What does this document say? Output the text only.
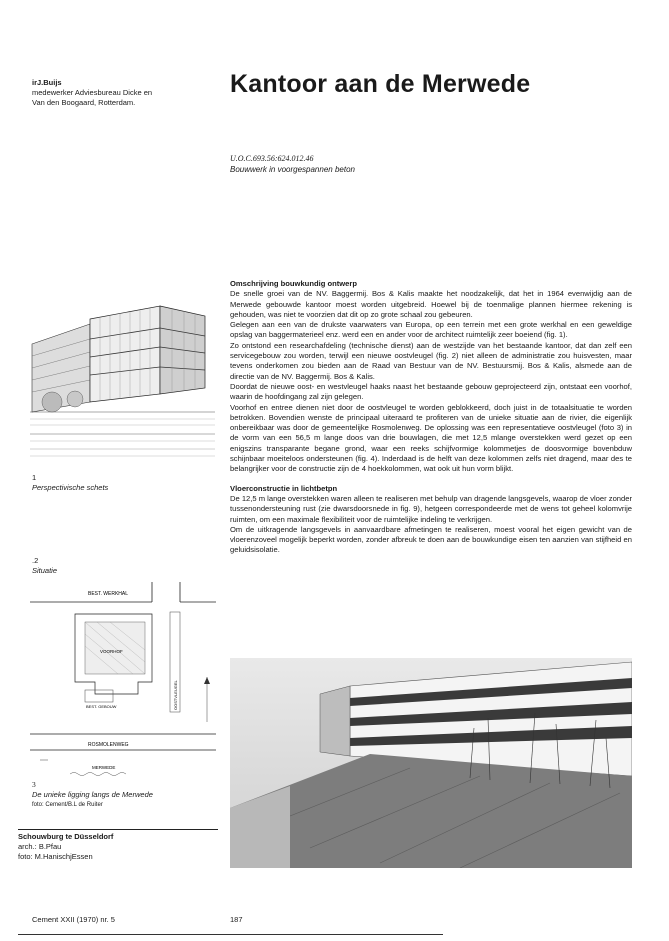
irJ.Buijs
medewerker Adviesbureau Dicke en
Van den Boogaard, Rotterdam.
Kantoor aan de Merwede
U.O.C.693.56:624.012.46
Bouwwerk in voorgespannen beton
1
Perspectivische schets
.2
Situatie
BEST. WERKHAL
VOORHOF
OOSTVLEUGEL
BEST. GEBOUW
ROSMOLENWEG
MERWEDE
3
De unieke ligging langs de Merwede
foto: Cement/B.L de Ruiter
Omschrijving bouwkundig ontwerp

De snelle groei van de NV. Baggermij. Bos & Kalis maakte het noodzakelijk, dat het in 1964 evenwijdig aan de Merwede gebouwde kantoor moest worden uitgebreid. Hoewel bij de toenmalige plannen hiermee rekening is gehouden, was niet te voorzien dat dit op zo grote schaal zou gebeuren.

Gelegen aan een van de drukste vaarwaters van Europa, op een terrein met een grote werkhal en een geweldige opslag van baggermaterieel enz. werd een en ander voor de architect ruimtelijk zeer boeiend (fig. 1).

Zo ontstond een researchafdeling (technische dienst) aan de westzijde van het bestaande kantoor, dat dan zelf een servicegebouw zou worden, terwijl een nieuwe oostvleugel (fig. 2) niet alleen de administratie zou huisvesten, maar tevens onderkomen zou bieden aan de Raad van Bestuur van de NV. Bestuursmij. Bos & Kalis, alsmede aan de directie van de NV. Baggermij. Bos & Kalis.

Doordat de nieuwe oost- en westvleugel haaks naast het bestaande gebouw geprojecteerd zijn, ontstaat een voorhof, waarin de hoofdingang zal zijn gelegen.

Voorhof en entree dienen niet door de oostvleugel te worden geblokkeerd, doch juist in de totaalsituatie te worden betrokken. Bovendien wenste de principaal uiteraard te profiteren van de unieke situatie aan de rivier, die eigenlijk onbereikbaar was door de gemeentelijke Rosmolenweg. De oplossing was een representatieve oostvleugel (foto 3) in de vorm van een 56,5 m lange doos van drie bouwlagen, die met 12,5 mlange overstekken werd gezet op een enigszins transparante begane grond, waar een reeks schijfvormige kolommetjes de doosvormige bovenbduw schijnbaar moeiteloos ondersteunen (fig. 4). Inderdaad is de helft van deze kolommen zelfs niet dragend, maar des te belangrijker voor de constructie zijn de 4 hoekkolommen, wat ook uit hun vorm blijkt.

Vloerconstructie in lichtbetpn

De 12,5 m lange overstekken waren alleen te realiseren met behulp van dragende langsgevels, waarop de vloer zonder tussenondersteuning rust (zie dwarsdoorsnede in fig. 9), hetgeen correspondeerde met de wens tot geheel kolomvrije ruimten, om een maximale flexibiliteit voor de ruimtelijke indeling te verkrijgen.

Om de uitkragende langsgevels in aanvaardbare afmetingen te realiseren, moest vooral het eigen gewicht van de vloerenzoveel mogelijk beperkt worden, zonder afbreuk te doen aan de bouwkundige eisen ten aanzien van stijfheid en geluidsisolatie.

Schouwburg te Düsseldorf
arch.: B.Pfau
foto: M.HanischjEssen
Cement XXII (1970) nr. 5	187
